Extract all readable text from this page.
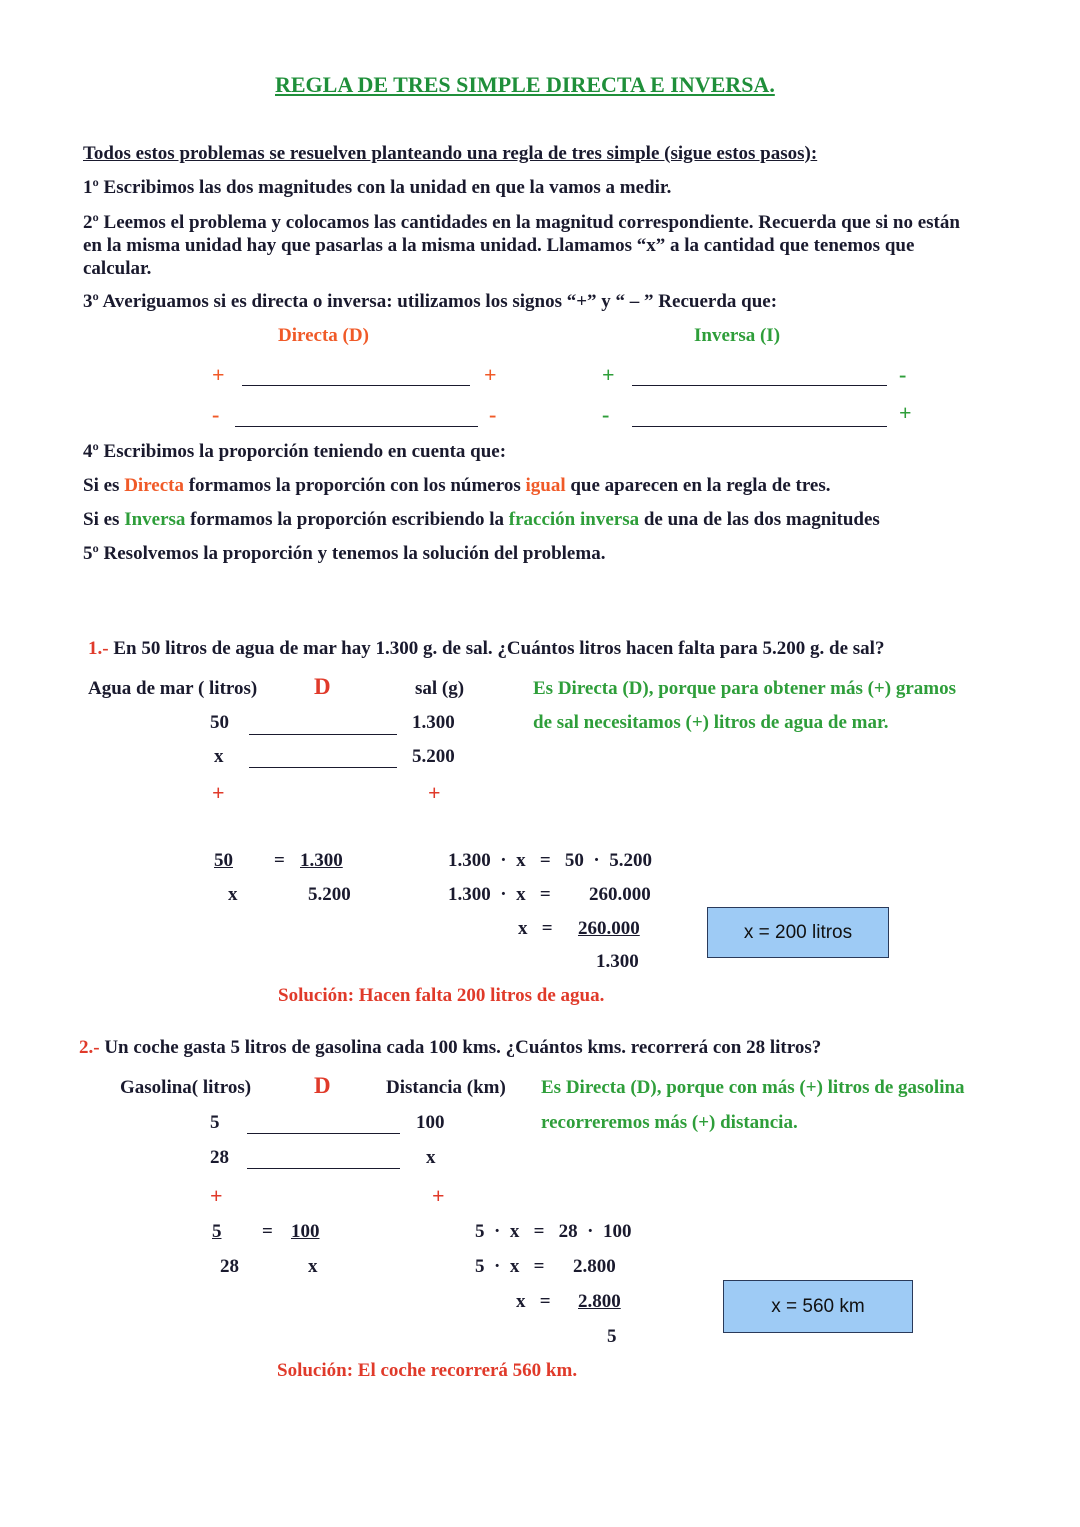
REGLA DE TRES SIMPLE DIRECTA E INVERSA.
Todos estos problemas se resuelven planteando una regla de tres simple (sigue estos pasos):
1º Escribimos las dos magnitudes con la unidad en que la vamos a medir.
2º Leemos el problema y colocamos las cantidades en la magnitud correspondiente. Recuerda que si no están en la misma unidad hay que pasarlas a la misma unidad. Llamamos “x” a la cantidad que tenemos que calcular.
3º Averiguamos si es directa o inversa: utilizamos los signos “+” y “ – ” Recuerda que:
Directa (D)	Inversa (I)
+	+
-	-
+	-
-	+
4º Escribimos la proporción teniendo en cuenta que:
Si es Directa formamos la proporción con los números igual que aparecen en la regla de tres.
Si es Inversa formamos la proporción escribiendo la fracción inversa de una de las dos magnitudes
5º Resolvemos la proporción y tenemos la solución del problema.
1.- En 50 litros de agua de mar hay 1.300 g. de sal. ¿Cuántos litros hacen falta para 5.200 g. de sal?
Agua de mar ( litros) D	sal (g)	Es Directa (D), porque para obtener más (+) gramos
de sal necesitamos (+) litros de agua de mar.
50	1.300
x	5.200
+	+
50
x
= 1.300
5.200
1.300  ·  x   =   50  ·  5.200
1.300  ·  x   = 260.000
x   = 260.000
1.300
x = 200 litros
Solución: Hacen falta 200 litros de agua.
2.- Un coche gasta 5 litros de gasolina cada 100 kms. ¿Cuántos kms. recorrerá con 28 litros?
Gasolina( litros)	D	Distancia (km) Es Directa (D), porque con más (+) litros de gasolina
recorreremos más (+) distancia.
5	100
28	x
+	+
5
28
= 100
x
5  ·  x   =   28  ·  100
5  ·  x   = 2.800
x   = 2.800
5
x = 560 km
Solución: El coche recorrerá 560 km.
